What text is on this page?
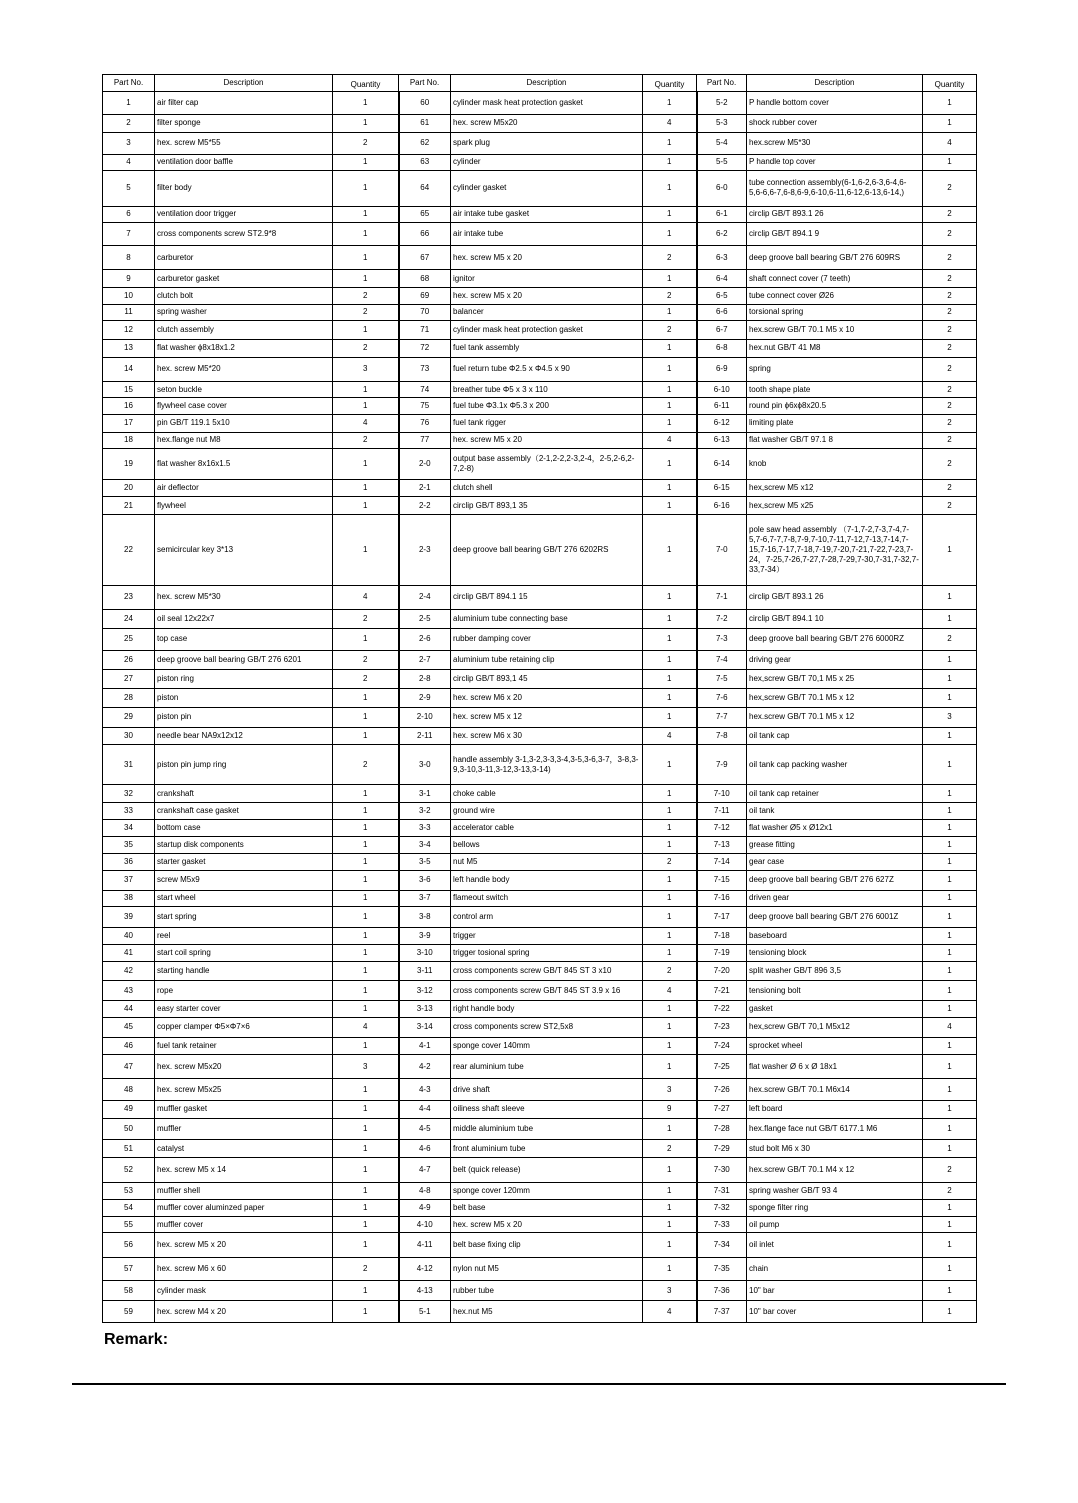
Part No.	Description	Quantity	Part No.	Description	Quantity	Part No.	Description	Quantity
1	air filter cap	1	60	cylinder mask heat protection gasket	1	5-2	P handle bottom cover	1
2	filter sponge	1	61	hex. screw M5x20	4	5-3	shock rubber cover	1
3	hex. screw M5*55	2	62	spark plug	1	5-4	hex.screw M5*30	4
4	ventilation door baffle	1	63	cylinder	1	5-5	P handle top cover	1
5	filter body	1	64	cylinder gasket	1	6-0	tube connection assembly(6-1,6-2,6-3,6-4,6-5,6-6,6-7,6-8,6-9,6-10,6-11,6-12,6-13,6-14,)	2
6	ventilation door trigger	1	65	air intake tube gasket	1	6-1	circlip GB/T 893.1 26	2
7	cross components screw ST2.9*8	1	66	air intake tube	1	6-2	circlip GB/T 894.1 9	2
8	carburetor	1	67	hex. screw M5 x 20	2	6-3	deep groove ball bearing GB/T 276 609RS	2
9	carburetor gasket	1	68	ignitor	1	6-4	shaft connect cover (7 teeth)	2
10	clutch bolt	2	69	hex. screw M5 x 20	2	6-5	tube connect cover Ø26	2
11	spring washer	2	70	balancer	1	6-6	torsional spring	2
12	clutch assembly	1	71	cylinder mask heat protection gasket	2	6-7	hex.screw GB/T 70.1 M5 x 10	2
13	flat washer ϕ8x18x1.2	2	72	fuel tank assembly	1	6-8	hex.nut GB/T 41 M8	2
14	hex. screw M5*20	3	73	fuel return tube Φ2.5 x Φ4.5 x 90	1	6-9	spring	2
15	seton buckle	1	74	breather tube Φ5 x 3 x 110	1	6-10	tooth shape plate	2
16	flywheel case cover	1	75	fuel tube Φ3.1x Φ5.3 x 200	1	6-11	round pin ϕ6xϕ8x20.5	2
17	pin GB/T 119.1 5x10	4	76	fuel tank rigger	1	6-12	limiting plate	2
18	hex.flange nut M8	2	77	hex. screw M5 x 20	4	6-13	flat washer GB/T 97.1 8	2
19	flat washer 8x16x1.5	1	2-0	output base assembly（2-1,2-2,2-3,2-4，2-5,2-6,2-7,2-8)	1	6-14	knob	2
20	air deflector	1	2-1	clutch shell	1	6-15	hex,screw M5 x12	2
21	flywheel	1	2-2	circlip GB/T 893,1 35	1	6-16	hex,screw M5 x25	2
22	semicircular key 3*13	1	2-3	deep groove ball bearing GB/T 276 6202RS	1	7-0	pole saw head assembly （7-1,7-2,7-3,7-4,7-5,7-6,7-7,7-8,7-9,7-10,7-11,7-12,7-13,7-14,7-15,7-16,7-17,7-18,7-19,7-20,7-21,7-22,7-23,7-24，7-25,7-26,7-27,7-28,7-29,7-30,7-31,7-32,7-33,7-34）	1
23	hex. screw M5*30	4	2-4	circlip GB/T 894.1 15	1	7-1	circlip GB/T 893.1 26	1
24	oil seal 12x22x7	2	2-5	aluminium tube connecting base	1	7-2	circlip GB/T 894.1 10	1
25	top case	1	2-6	rubber damping cover	1	7-3	deep groove ball bearing GB/T 276 6000RZ	2
26	deep groove ball bearing GB/T 276 6201	2	2-7	aluminium tube retaining clip	1	7-4	driving gear	1
27	piston ring	2	2-8	circlip GB/T 893,1 45	1	7-5	hex,screw GB/T 70,1 M5 x 25	1
28	piston	1	2-9	hex. screw M6 x 20	1	7-6	hex,screw GB/T 70.1 M5 x 12	1
29	piston pin	1	2-10	hex. screw M5 x 12	1	7-7	hex.screw GB/T 70.1 M5 x 12	3
30	needle bear NA9x12x12	1	2-11	hex. screw M6 x 30	4	7-8	oil tank cap	1
31	piston pin jump ring	2	3-0	handle assembly 3-1,3-2,3-3,3-4,3-5,3-6,3-7，3-8,3-9,3-10,3-11,3-12,3-13,3-14)	1	7-9	oil tank cap packing washer	1
32	crankshaft	1	3-1	choke cable	1	7-10	oil tank cap retainer	1
33	crankshaft case gasket	1	3-2	ground wire	1	7-11	oil tank	1
34	bottom case	1	3-3	accelerator cable	1	7-12	flat washer Ø5 x Ø12x1	1
35	startup disk components	1	3-4	bellows	1	7-13	grease fitting	1
36	starter gasket	1	3-5	nut M5	2	7-14	gear case	1
37	screw M5x9	1	3-6	left handle body	1	7-15	deep groove ball bearing GB/T 276 627Z	1
38	start wheel	1	3-7	flameout switch	1	7-16	driven gear	1
39	start spring	1	3-8	control arm	1	7-17	deep groove ball bearing GB/T 276 6001Z	1
40	reel	1	3-9	trigger	1	7-18	baseboard	1
41	start coil spring	1	3-10	trigger tosional spring	1	7-19	tensioning block	1
42	starting handle	1	3-11	cross components screw GB/T 845 ST 3 x10	2	7-20	split washer GB/T 896 3,5	1
43	rope	1	3-12	cross components screw GB/T 845 ST 3.9 x 16	4	7-21	tensioning bolt	1
44	easy starter cover	1	3-13	right handle body	1	7-22	gasket	1
45	copper clamper Φ5×Φ7×6	4	3-14	cross components screw ST2,5x8	1	7-23	hex,screw GB/T 70,1 M5x12	4
46	fuel tank retainer	1	4-1	sponge cover 140mm	1	7-24	sprocket wheel	1
47	hex. screw M5x20	3	4-2	rear aluminium tube	1	7-25	flat washer Ø 6 x Ø 18x1	1
48	hex. screw M5x25	1	4-3	drive shaft	3	7-26	hex.screw GB/T 70.1 M6x14	1
49	muffler gasket	1	4-4	oiliness shaft sleeve	9	7-27	left board	1
50	muffler	1	4-5	middle aluminium tube	1	7-28	hex.flange face nut GB/T 6177.1 M6	1
51	catalyst	1	4-6	front aluminium tube	2	7-29	stud bolt M6 x 30	1
52	hex. screw M5 x 14	1	4-7	belt (quick release)	1	7-30	hex.screw GB/T 70.1 M4 x 12	2
53	muffler shell	1	4-8	sponge cover 120mm	1	7-31	spring washer GB/T 93 4	2
54	muffler cover aluminzed paper	1	4-9	belt base	1	7-32	sponge filter ring	1
55	muffler cover	1	4-10	hex. screw M5 x 20	1	7-33	oil pump	1
56	hex. screw M5 x 20	1	4-11	belt base fixing clip	1	7-34	oil inlet	1
57	hex. screw M6 x 60	2	4-12	nylon nut M5	1	7-35	chain	1
58	cylinder mask	1	4-13	rubber tube	3	7-36	10" bar	1
59	hex. screw M4 x 20	1	5-1	hex.nut M5	4	7-37	10" bar cover	1
Remark:
